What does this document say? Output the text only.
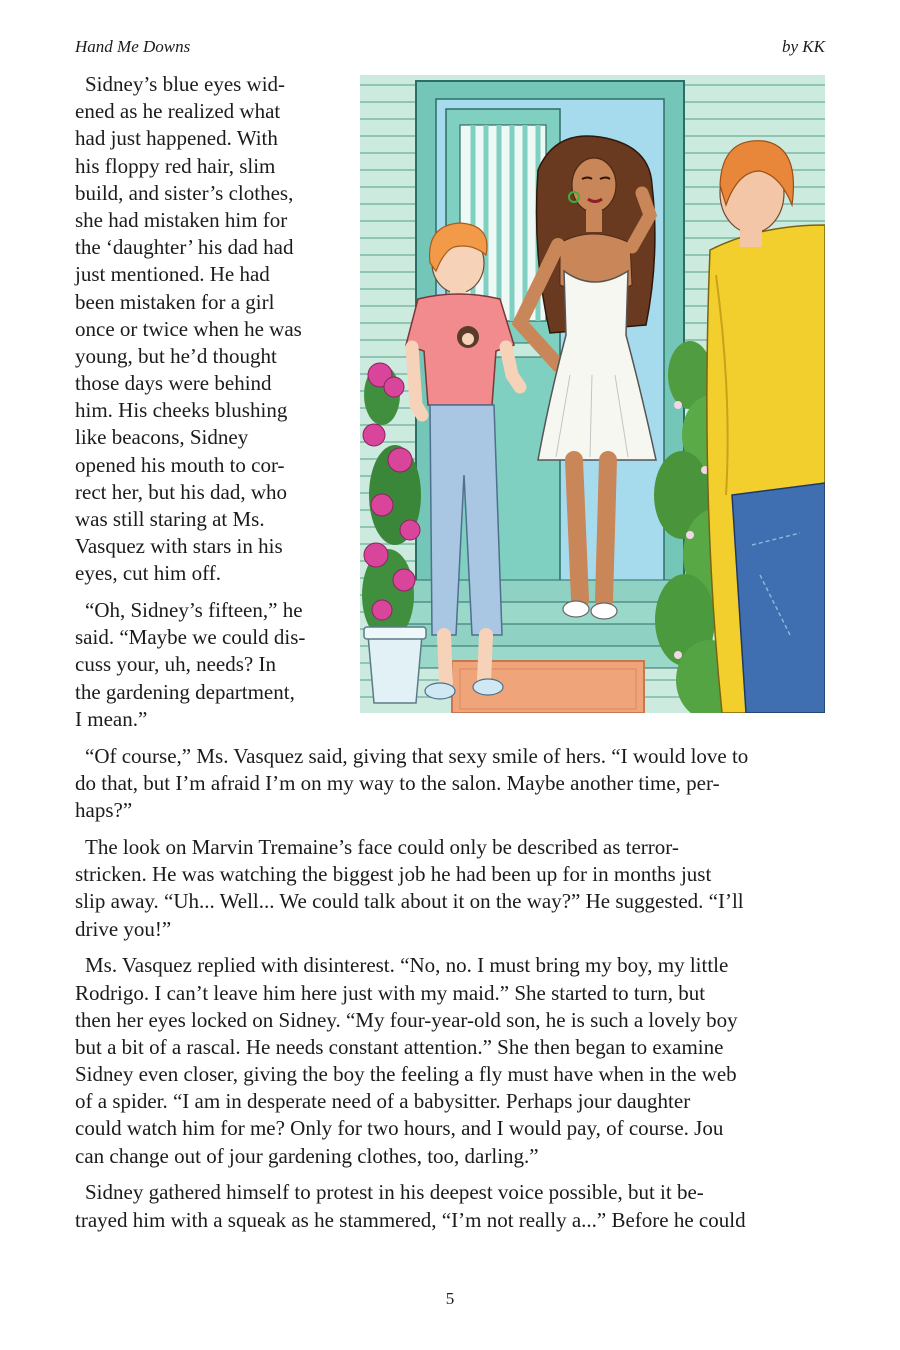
Hand Me Downs	by KK
Sidney’s blue eyes wid-
ened as he realized what
had just happened. With
his floppy red hair, slim
build, and sister’s clothes,
she had mistaken him for
the ‘daughter’ his dad had
just mentioned. He had
been mistaken for a girl
once or twice when he was
young, but he’d thought
those days were behind
him. His cheeks blushing
like beacons, Sidney
opened his mouth to cor-
rect her, but his dad, who
was still staring at Ms.
Vasquez with stars in his
eyes, cut him off.
“Oh, Sidney’s fifteen,” he
said. “Maybe we could dis-
cuss your, uh, needs? In
the gardening department,
I mean.”
“Of course,” Ms. Vasquez said, giving that sexy smile of hers. “I would love to
do that, but I’m afraid I’m on my way to the salon. Maybe another time, per-
haps?”
The look on Marvin Tremaine’s face could only be described as terror-
stricken. He was watching the biggest job he had been up for in months just
slip away. “Uh... Well... We could talk about it on the way?” He suggested. “I’ll
drive you!”
Ms. Vasquez replied with disinterest. “No, no. I must bring my boy, my little
Rodrigo. I can’t leave him here just with my maid.” She started to turn, but
then her eyes locked on Sidney. “My four-year-old son, he is such a lovely boy
but a bit of a rascal. He needs constant attention.” She then began to examine
Sidney even closer, giving the boy the feeling a fly must have when in the web
of a spider. “I am in desperate need of a babysitter. Perhaps jour daughter
could watch him for me? Only for two hours, and I would pay, of course. Jou
can change out of jour gardening clothes, too, darling.”
Sidney gathered himself to protest in his deepest voice possible, but it be-
trayed him with a squeak as he stammered, “I’m not really a...” Before he could
5
